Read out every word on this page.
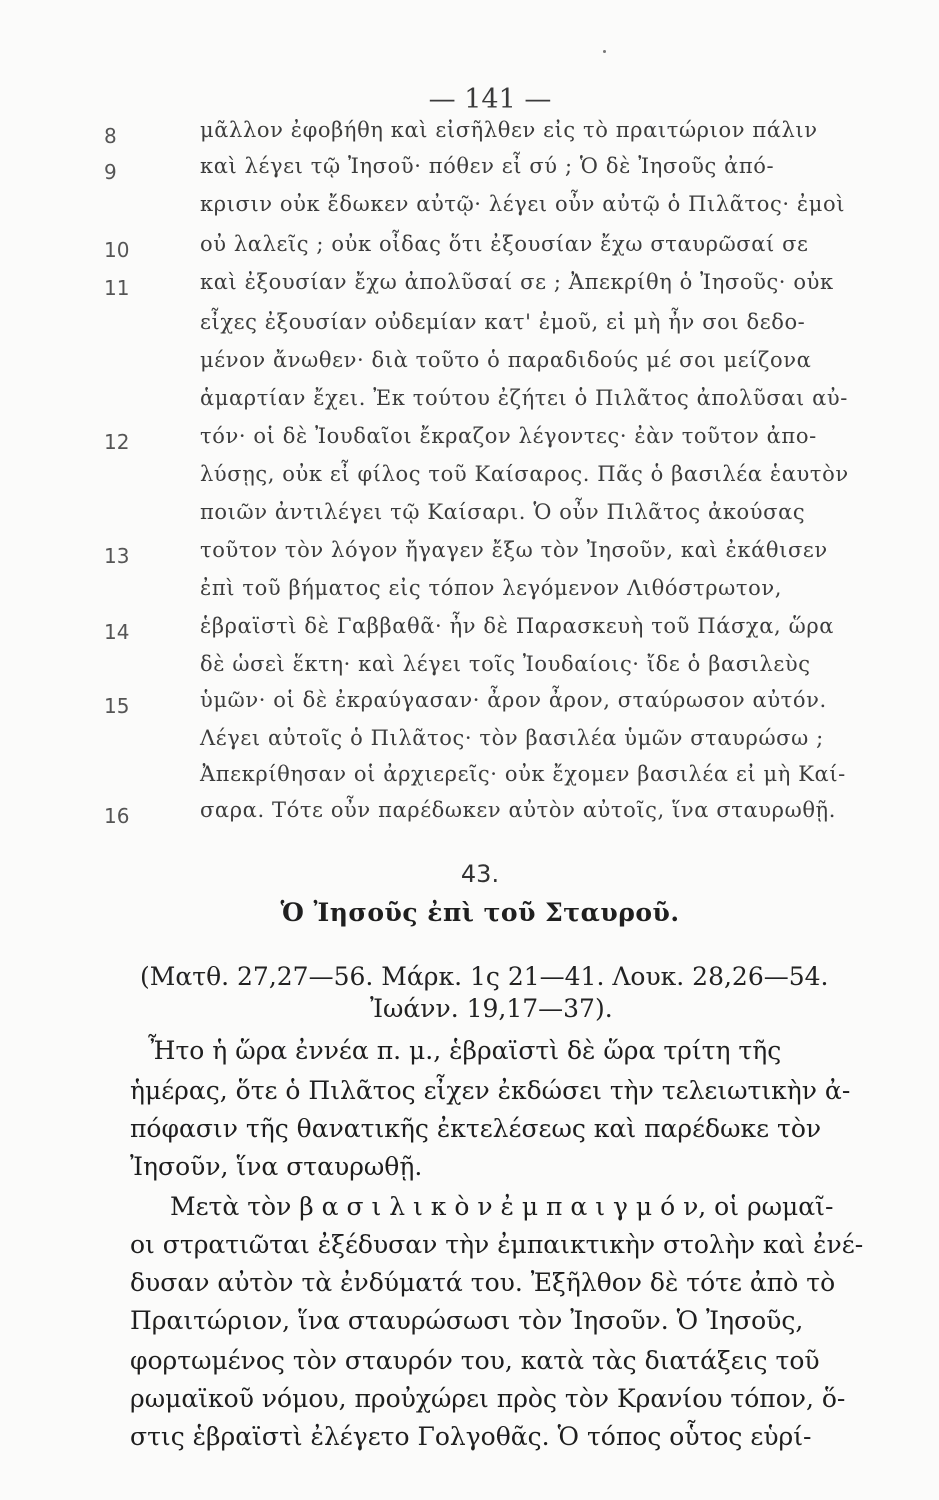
— 141 —
8	μᾶλλον ἐφοβήθη καὶ εἰσῆλθεν εἰς τὸ πραιτώριον πάλιν
9	καὶ λέγει τῷ Ἰησοῦ· πόθεν εἶ σύ ; Ὁ δὲ Ἰησοῦς ἀπό-
κρισιν οὐκ ἔδωκεν αὐτῷ· λέγει οὖν αὐτῷ ὁ Πιλᾶτος· ἐμοὶ
10	οὐ λαλεῖς ; οὐκ οἶδας ὅτι ἐξουσίαν ἔχω σταυρῶσαί σε
11	καὶ ἐξουσίαν ἔχω ἀπολῦσαί σε ; Ἀπεκρίθη ὁ Ἰησοῦς· οὐκ
εἶχες ἐξουσίαν οὐδεμίαν κατ' ἐμοῦ, εἰ μὴ ἦν σοι δεδο-
μένον ἄνωθεν· διὰ τοῦτο ὁ παραδιδούς μέ σοι μείζονα
ἁμαρτίαν ἔχει. Ἐκ τούτου ἐζήτει ὁ Πιλᾶτος ἀπολῦσαι αὐ-
12	τόν· οἱ δὲ Ἰουδαῖοι ἔκραζον λέγοντες· ἐὰν τοῦτον ἀπο-
λύσῃς, οὐκ εἶ φίλος τοῦ Καίσαρος. Πᾶς ὁ βασιλέα ἑαυτὸν
ποιῶν ἀντιλέγει τῷ Καίσαρι. Ὁ οὖν Πιλᾶτος ἀκούσας
13	τοῦτον τὸν λόγον ἤγαγεν ἔξω τὸν Ἰησοῦν, καὶ ἐκάθισεν
ἐπὶ τοῦ βήματος εἰς τόπον λεγόμενον Λιθόστρωτον,
14	ἑβραϊστὶ δὲ Γαββαθᾶ· ἦν δὲ Παρασκευὴ τοῦ Πάσχα, ὥρα
δὲ ὡσεὶ ἕκτη· καὶ λέγει τοῖς Ἰουδαίοις· ἴδε ὁ βασιλεὺς
15	ὑμῶν· οἱ δὲ ἐκραύγασαν· ἆρον ἆρον, σταύρωσον αὐτόν.
Λέγει αὐτοῖς ὁ Πιλᾶτος· τὸν βασιλέα ὑμῶν σταυρώσω ;
Ἀπεκρίθησαν οἱ ἀρχιερεῖς· οὐκ ἔχομεν βασιλέα εἰ μὴ Καί-
16	σαρα. Τότε οὖν παρέδωκεν αὐτὸν αὐτοῖς, ἵνα σταυρωθῇ.
43.
Ὁ Ἰησοῦς ἐπὶ τοῦ Σταυροῦ.
(Ματθ. 27,27—56. Μάρκ. 1ς 21—41. Λουκ. 28,26—54.
Ἰωάνν. 19,17—37).
Ἦτο ἡ ὥρα ἐννέα π. μ., ἑβραϊστὶ δὲ ὥρα τρίτη τῆς
ἡμέρας, ὅτε ὁ Πιλᾶτος εἶχεν ἐκδώσει τὴν τελειωτικὴν ἀ-
πόφασιν τῆς θανατικῆς ἐκτελέσεως καὶ παρέδωκε τὸν
Ἰησοῦν, ἵνα σταυρωθῇ.
Μετὰ τὸν β α σ ι λ ι κ ὸ ν ἐ μ π α ι γ μ ό ν, οἱ ρωμαῖ-
οι στρατιῶται ἐξέδυσαν τὴν ἐμπαικτικὴν στολὴν καὶ ἐνέ-
δυσαν αὐτὸν τὰ ἐνδύματά του. Ἐξῆλθον δὲ τότε ἀπὸ τὸ
Πραιτώριον, ἵνα σταυρώσωσι τὸν Ἰησοῦν. Ὁ Ἰησοῦς,
φορτωμένος τὸν σταυρόν του, κατὰ τὰς διατάξεις τοῦ
ρωμαϊκοῦ νόμου, προὐχώρει πρὸς τὸν Κρανίου τόπον, ὅ-
στις ἑβραϊστὶ ἐλέγετο Γολγοθᾶς. Ὁ τόπος οὗτος εὑρί-
